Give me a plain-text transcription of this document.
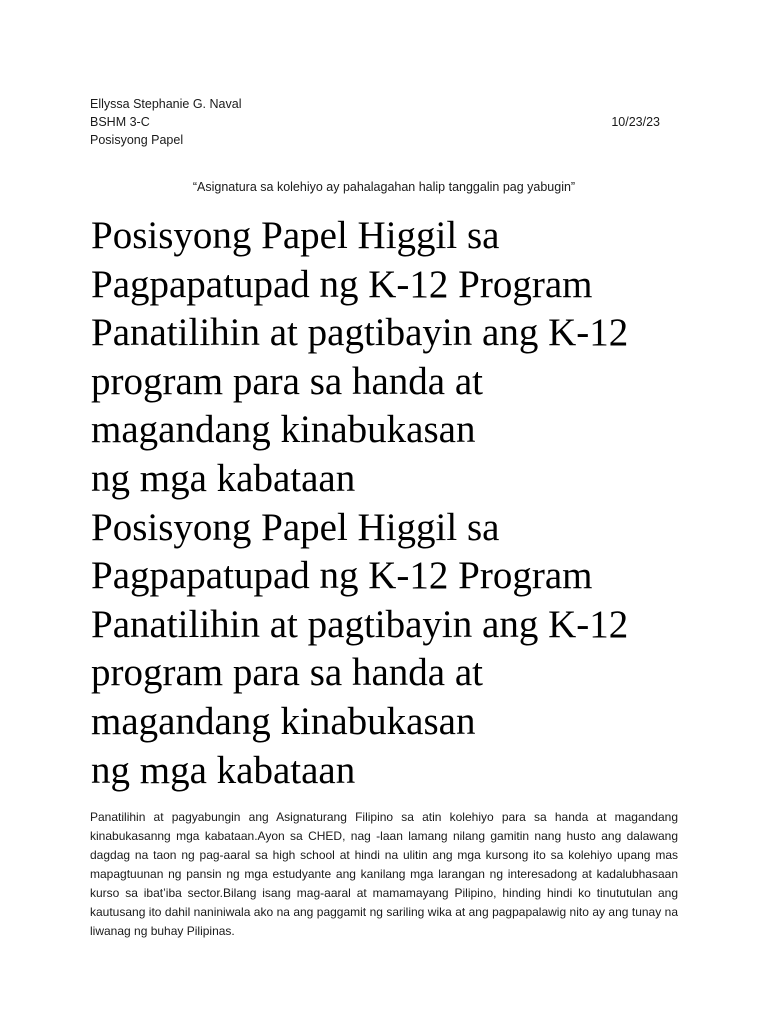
Ellyssa Stephanie G. Naval
BSHM 3-C	10/23/23
Posisyong Papel
“Asignatura sa kolehiyo ay pahalagahan halip tanggalin pag yabugin”
Posisyong Papel Higgil sa
Pagpapatupad ng K-12 Program
Panatilihin at pagtibayin ang K-12
program para sa handa at
magandang kinabukasan
ng mga kabataan
Posisyong Papel Higgil sa
Pagpapatupad ng K-12 Program
Panatilihin at pagtibayin ang K-12
program para sa handa at
magandang kinabukasan
ng mga kabataan

Panatilihin at pagyabungin ang Asignaturang Filipino sa atin kolehiyo para sa handa at magandang kinabukasanng mga kabataan.Ayon sa CHED, nag -laan lamang nilang gamitin nang husto ang dalawang dagdag na taon ng pag-aaral sa high school at hindi na ulitin ang mga kursong ito sa kolehiyo upang mas mapagtuunan ng pansin ng mga estudyante ang kanilang mga larangan ng interesadong at kadalubhasaan kurso sa ibat’iba sector.Bilang isang mag-aaral at mamamayang Pilipino, hinding hindi ko tinututulan ang kautusang ito dahil naniniwala ako na ang paggamit ng sariling wika at ang pagpapalawig nito ay ang tunay na liwanag ng buhay Pilipinas.
